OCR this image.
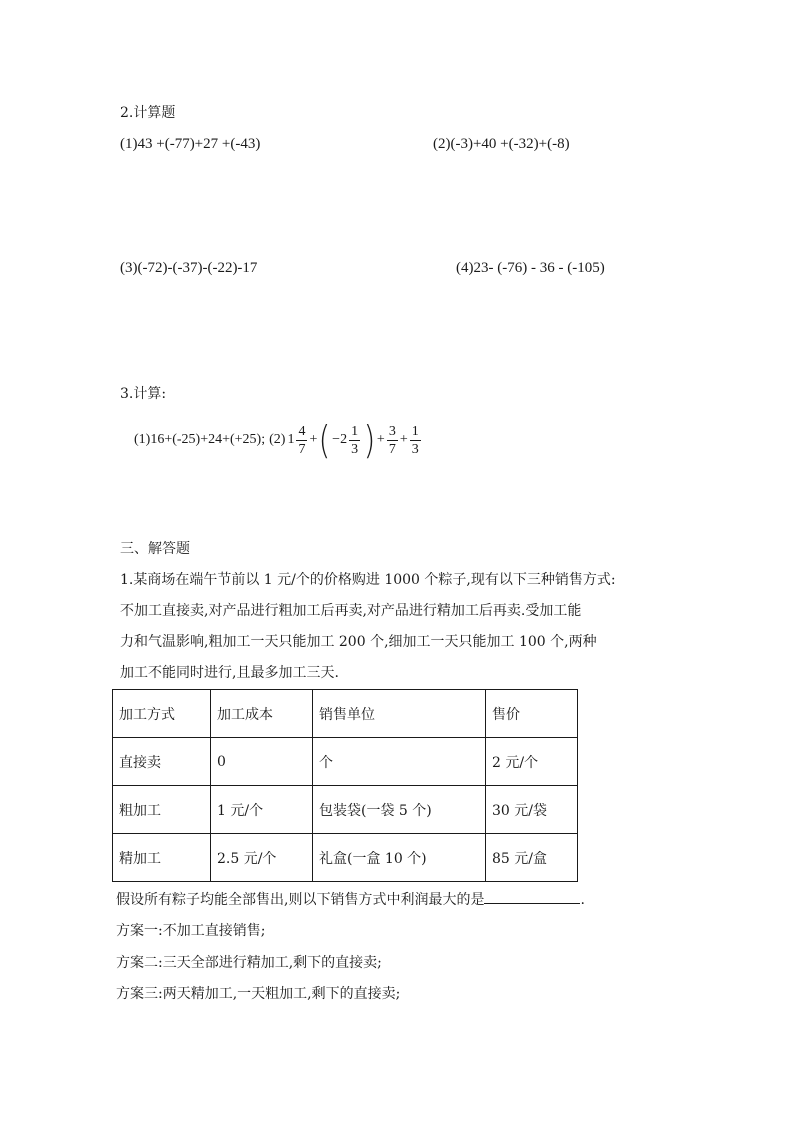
2.计算题
(1)43 +(-77)+27 +(-43)	(2)(-3)+40 +(-32)+(-8)
(3)(-72)-(-37)-(-22)-17	(4)23- (-76) - 36 - (-105)
3.计算:
(1)16+(-25)+24+(+25); (2) $1 \frac{4}{7}$ + ( $-2 \frac{1}{3}$ ) + $\frac{3}{7} + \frac{1}{3}$
三、解答题
1.某商场在端午节前以 1 元/个的价格购进 1000 个粽子,现有以下三种销售方式:
不加工直接卖,对产品进行粗加工后再卖,对产品进行精加工后再卖.受加工能
力和气温影响,粗加工一天只能加工 200 个,细加工一天只能加工 100 个,两种
加工不能同时进行,且最多加工三天.
加工方式	加工成本	销售单位	售价
直接卖	0	个	2 元/个
粗加工	1 元/个	包装袋(一袋 5 个)	30 元/袋
精加工	2.5 元/个	礼盒(一盒 10 个)	85 元/盒
假设所有粽子均能全部售出,则以下销售方式中利润最大的是	.
方案一:不加工直接销售;
方案二:三天全部进行精加工,剩下的直接卖;
方案三:两天精加工,一天粗加工,剩下的直接卖;
